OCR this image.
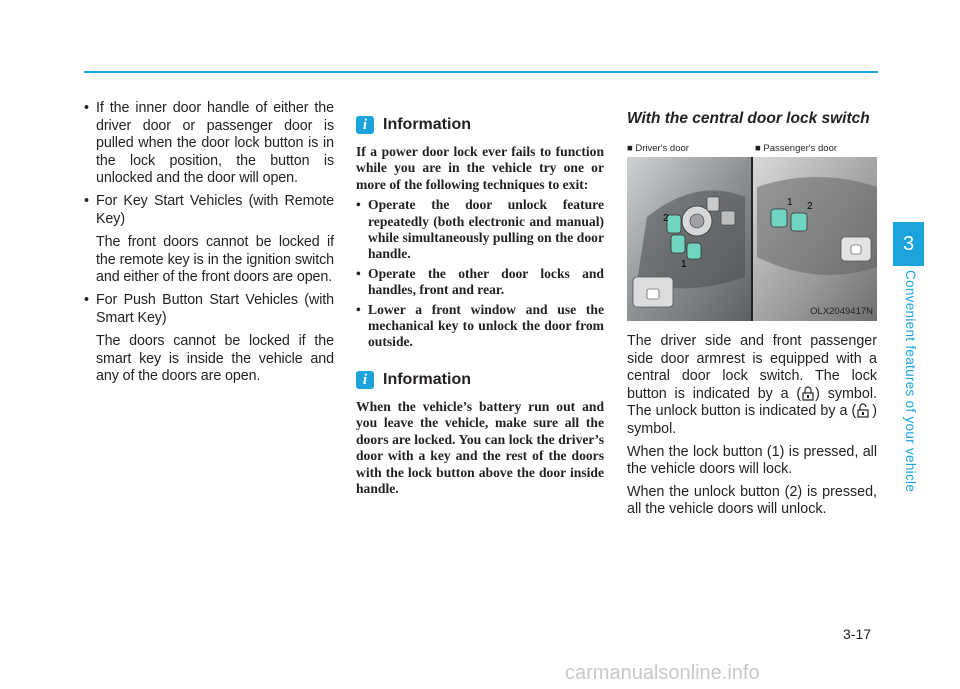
• If the inner door handle of either the driver door or passenger door is pulled when the door lock button is in the lock position, the button is unlocked and the door will open.
• For Key Start Vehicles (with Remote Key)
The front doors cannot be locked if the remote key is in the ignition switch and either of the front doors are open.
• For Push Button Start Vehicles (with Smart Key)
The doors cannot be locked if the smart key is inside the vehicle and any of the doors are open.
i Information

If a power door lock ever fails to function while you are in the vehicle try one or more of the following techniques to exit:

• Operate the door unlock feature repeatedly (both electronic and manual) while simultaneously pulling on the door handle.
• Operate the other door locks and handles, front and rear.
• Lower a front window and use the mechanical key to unlock the door from outside.
i Information

When the vehicle’s battery run out and you leave the vehicle, make sure all the doors are locked. You can lock the driver’s door with a key and the rest of the doors with the lock button above the door inside handle.

With the central door lock switch
■ Driver's door	■ Passenger's door
2
1
1 2
OLX2049417N

The driver side and front passenger side door armrest is equipped with a central door lock switch. The lock button is indicated by a ( ) symbol. The unlock button is indicated by a ( ) symbol.

When the lock button (1) is pressed, all the vehicle doors will lock.

When the unlock button (2) is pressed, all the vehicle doors will unlock.

3
Convenient features of your vehicle
3-17
carmanualsonline.info
